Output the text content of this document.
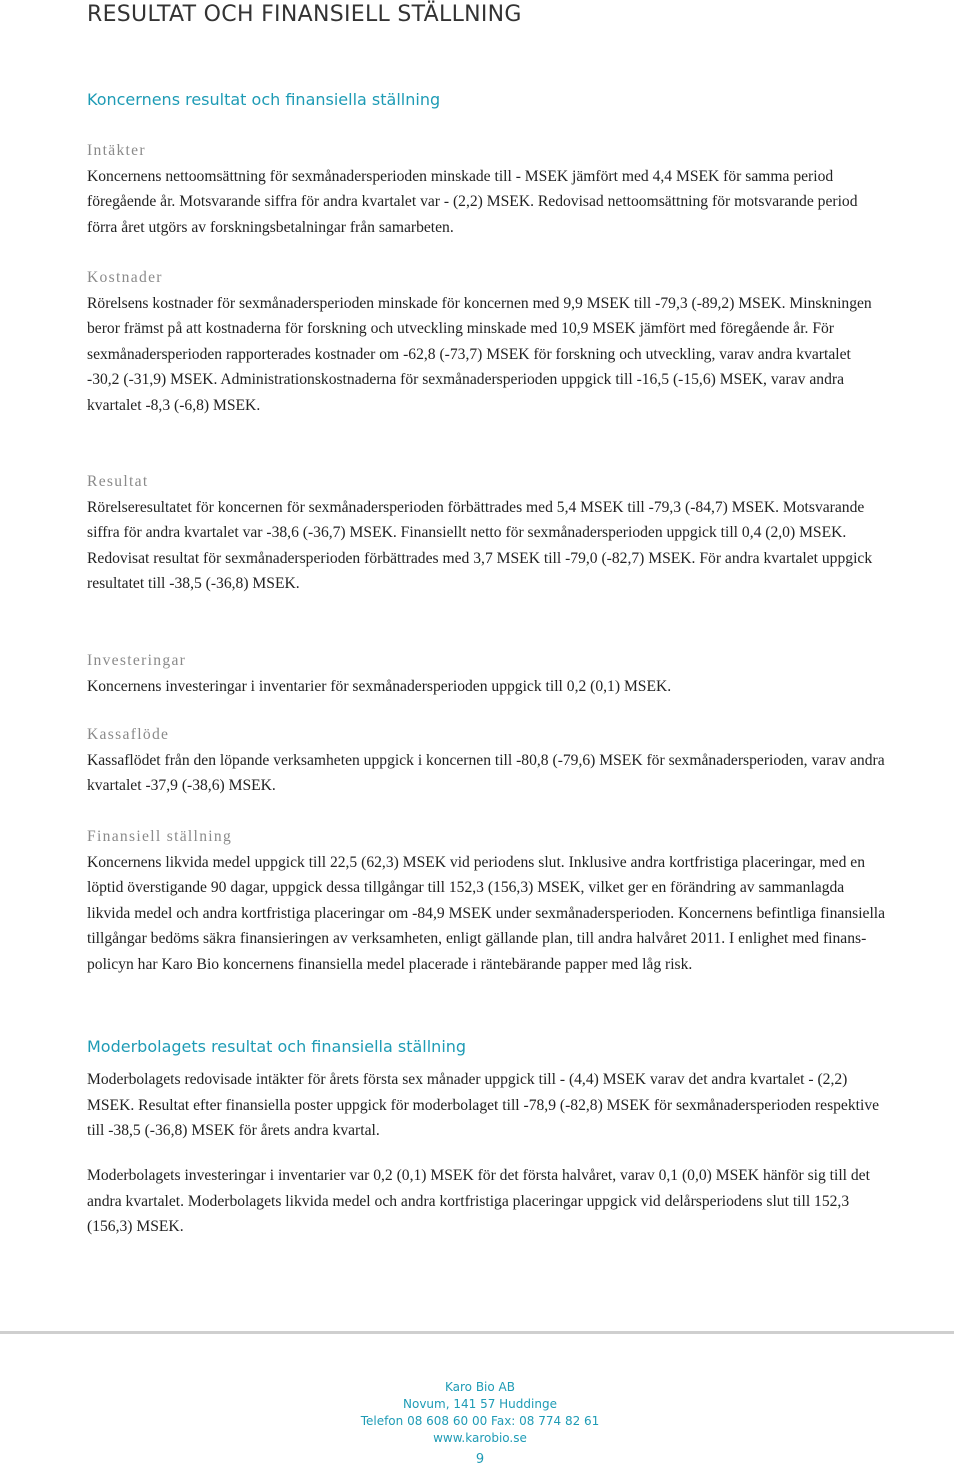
RESULTAT OCH FINANSIELL STÄLLNING
Koncernens resultat och finansiella ställning
Intäkter

Koncernens nettoomsättning för sexmånadersperioden minskade till - MSEK jämfört med 4,4 MSEK för samma period föregående år. Motsvarande siffra för andra kvartalet var - (2,2) MSEK. Redovisad nettoomsättning för motsvarande period förra året utgörs av forskningsbetalningar från samarbeten.

Kostnader

Rörelsens kostnader för sexmånadersperioden minskade för koncernen med 9,9 MSEK till -79,3 (-89,2) MSEK. Minskningen beror främst på att kostnaderna för forskning och utveckling minskade med 10,9 MSEK jämfört med föregående år. För sexmånadersperioden rapporterades kostnader om -62,8 (-73,7) MSEK för forskning och utveckling, varav andra kvartalet -30,2 (-31,9) MSEK. Administrationskostnaderna för sexmånadersperioden uppgick till -16,5 (-15,6) MSEK, varav andra kvartalet -8,3 (-6,8) MSEK.

Resultat

Rörelseresultatet för koncernen för sexmånadersperioden förbättrades med 5,4 MSEK till -79,3 (-84,7) MSEK. Motsvarande siffra för andra kvartalet var -38,6 (-36,7) MSEK. Finansiellt netto för sexmånadersperioden uppgick till 0,4 (2,0) MSEK. Redovisat resultat för sexmånadersperioden förbättrades med 3,7 MSEK till -79,0 (-82,7) MSEK. För andra kvartalet uppgick resultatet till -38,5 (-36,8) MSEK.

Investeringar

Koncernens investeringar i inventarier för sexmånadersperioden uppgick till 0,2 (0,1) MSEK.

Kassaflöde

Kassaflödet från den löpande verksamheten uppgick i koncernen till -80,8 (-79,6) MSEK för sexmånadersperioden, varav andra kvartalet -37,9 (-38,6) MSEK.

Finansiell ställning

Koncernens likvida medel uppgick till 22,5 (62,3) MSEK vid periodens slut. Inklusive andra kortfristiga placeringar, med en löptid överstigande 90 dagar, uppgick dessa tillgångar till 152,3 (156,3) MSEK, vilket ger en förändring av sammanlagda likvida medel och andra kortfristiga placeringar om -84,9 MSEK under sexmånadersperioden. Koncernens befintliga finansiella tillgångar bedöms säkra finansieringen av verksamheten, enligt gällande plan, till andra halvåret 2011. I enlighet med finanspolicyn har Karo Bio koncernens finansiella medel placerade i räntebärande papper med låg risk.

Moderbolagets resultat och finansiella ställning

Moderbolagets redovisade intäkter för årets första sex månader uppgick till - (4,4) MSEK varav det andra kvartalet - (2,2) MSEK. Resultat efter finansiella poster uppgick för moderbolaget till -78,9 (-82,8) MSEK för sexmånadersperioden respektive till -38,5 (-36,8) MSEK för årets andra kvartal.

Moderbolagets investeringar i inventarier var 0,2 (0,1) MSEK för det första halvåret, varav 0,1 (0,0) MSEK hänför sig till det andra kvartalet. Moderbolagets likvida medel och andra kortfristiga placeringar uppgick vid delårsperiodens slut till 152,3 (156,3) MSEK.

Karo Bio AB
Novum, 141 57 Huddinge
Telefon 08 608 60 00 Fax: 08 774 82 61
www.karobio.se
9
